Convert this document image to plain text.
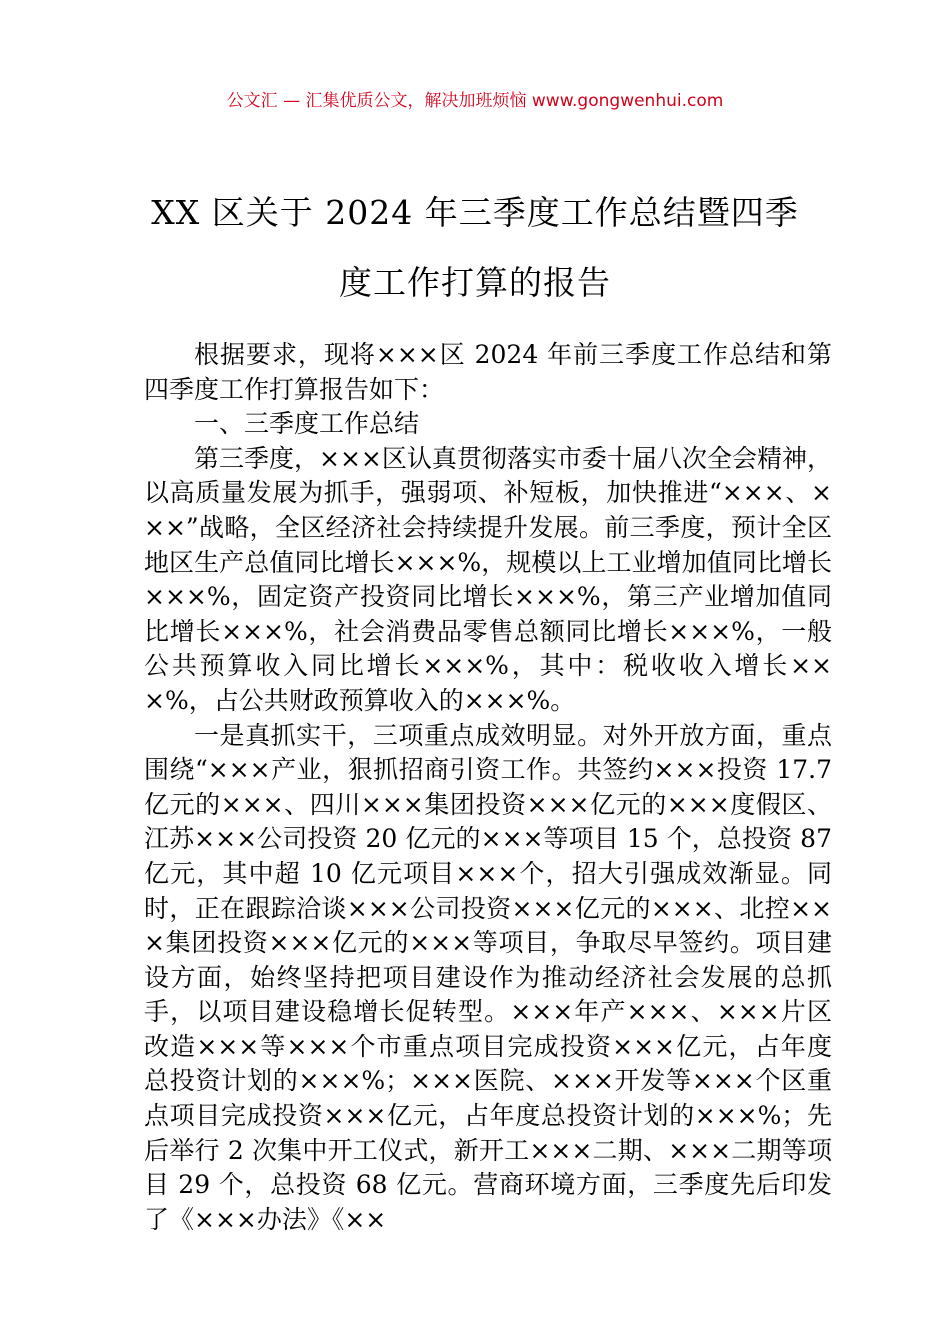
公文汇 — 汇集优质公文，解决加班烦恼 www.gongwenhui.com
XX 区关于 2024 年三季度工作总结暨四季
度工作打算的报告

根据要求，现将×××区 2024 年前三季度工作总结和第四季度工作打算报告如下：

一、三季度工作总结

第三季度，×××区认真贯彻落实市委十届八次全会精神，以高质量发展为抓手，强弱项、补短板，加快推进“×××、×××”战略，全区经济社会持续提升发展。前三季度，预计全区地区生产总值同比增长×××%，规模以上工业增加值同比增长×××%，固定资产投资同比增长×××%，第三产业增加值同比增长×××%，社会消费品零售总额同比增长×××%，一般公共预算收入同比增长×××%，其中：税收收入增长×××%，占公共财政预算收入的×××%。

一是真抓实干，三项重点成效明显。对外开放方面，重点围绕“×××产业，狠抓招商引资工作。共签约×××投资 17.7 亿元的×××、四川×××集团投资×××亿元的×××度假区、江苏×××公司投资 20 亿元的×××等项目 15 个，总投资 87 亿元，其中超 10 亿元项目×××个，招大引强成效渐显。同时，正在跟踪洽谈×××公司投资×××亿元的×××、北控×××集团投资×××亿元的×××等项目，争取尽早签约。项目建设方面，始终坚持把项目建设作为推动经济社会发展的总抓手，以项目建设稳增长促转型。×××年产×××、×××片区改造×××等×××个市重点项目完成投资×××亿元，占年度总投资计划的×××%；×××医院、×××开发等×××个区重点项目完成投资×××亿元，占年度总投资计划的×××%；先后举行 2 次集中开工仪式，新开工×××二期、×××二期等项目 29 个，总投资 68 亿元。营商环境方面，三季度先后印发了《×××办法》《××
